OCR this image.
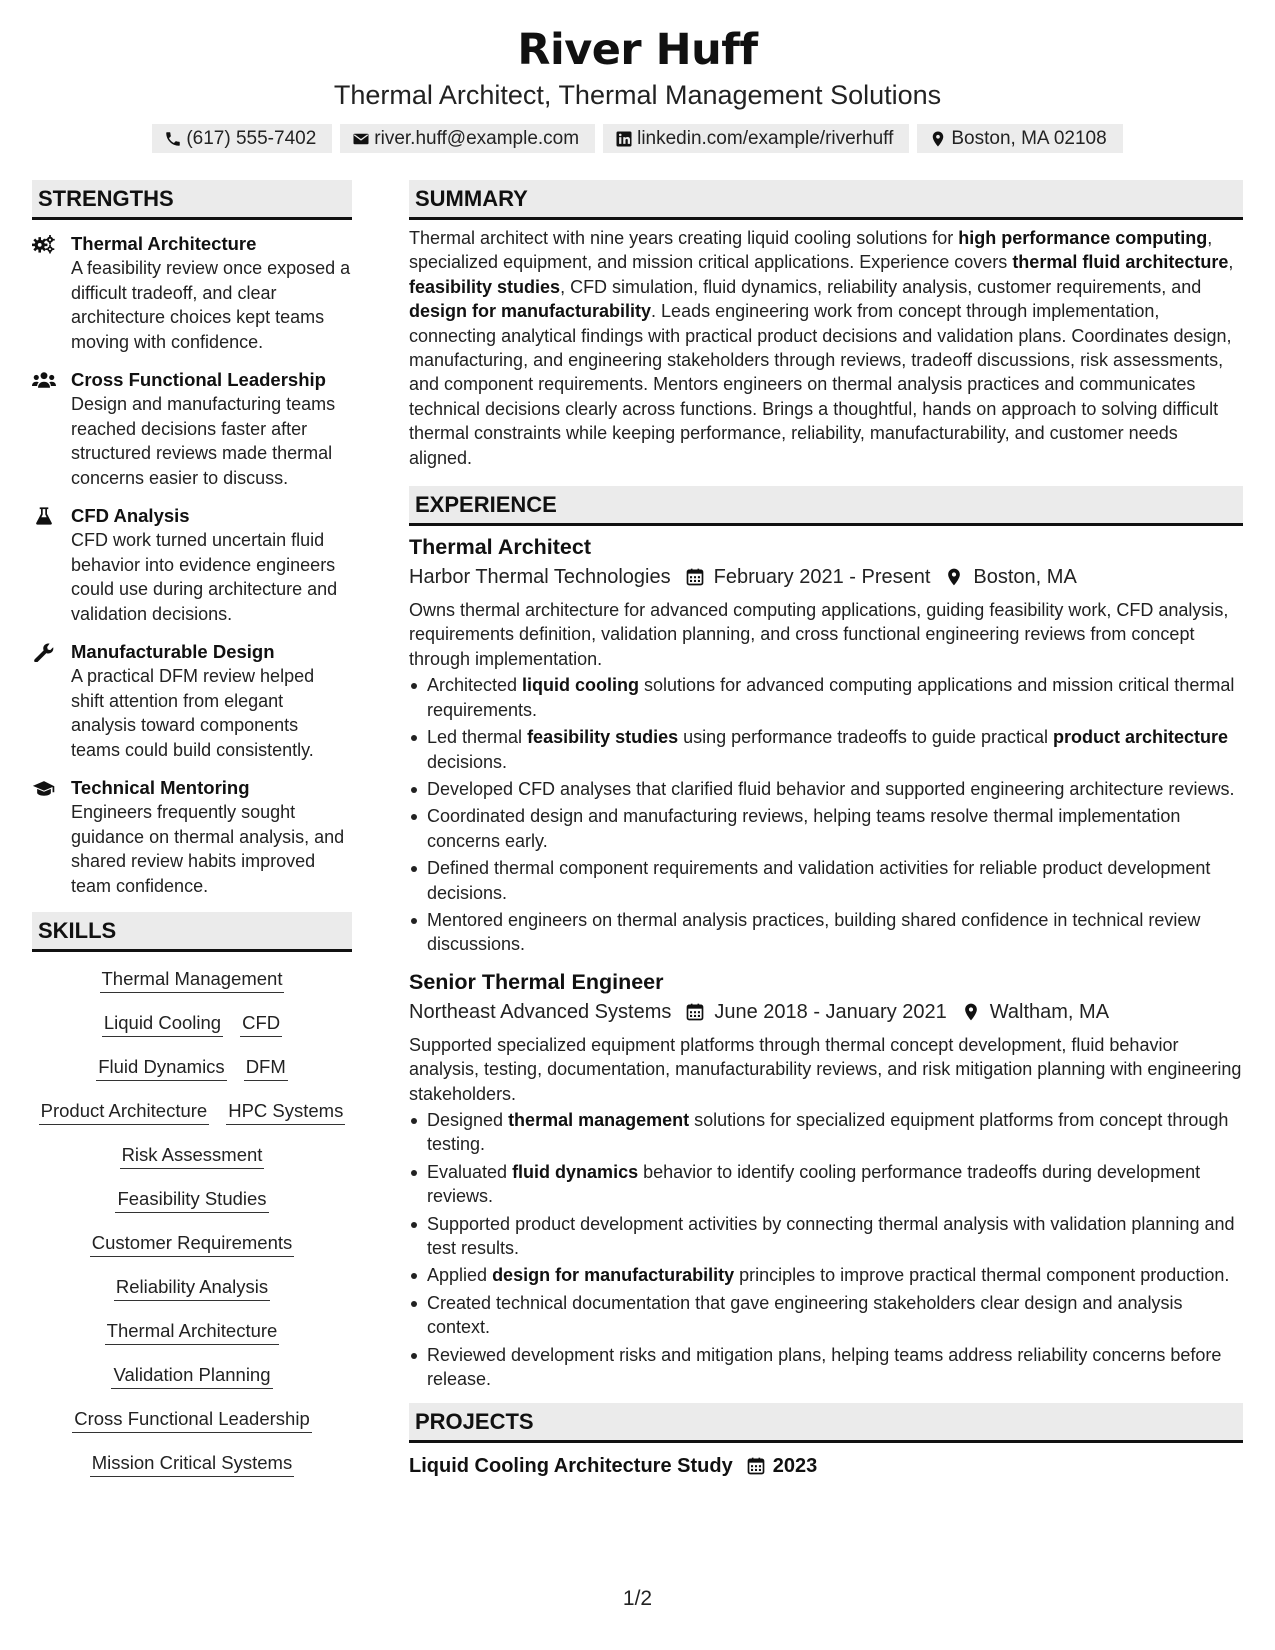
River Huff
Thermal Architect, Thermal Management Solutions
(617) 555-7402	river.huff@example.com	linkedin.com/example/riverhuff	Boston, MA 02108
STRENGTHS
Thermal Architecture
A feasibility review once exposed a difficult tradeoff, and clear architecture choices kept teams moving with confidence.
Cross Functional Leadership
Design and manufacturing teams reached decisions faster after structured reviews made thermal concerns easier to discuss.
CFD Analysis
CFD work turned uncertain fluid behavior into evidence engineers could use during architecture and validation decisions.
Manufacturable Design
A practical DFM review helped shift attention from elegant analysis toward components teams could build consistently.
Technical Mentoring
Engineers frequently sought guidance on thermal analysis, and shared review habits improved team confidence.
SKILLS
Thermal Management
Liquid Cooling CFD
Fluid Dynamics DFM
Product Architecture HPC Systems
Risk Assessment
Feasibility Studies
Customer Requirements
Reliability Analysis
Thermal Architecture
Validation Planning
Cross Functional Leadership
Mission Critical Systems
SUMMARY
Thermal architect with nine years creating liquid cooling solutions for high performance computing, specialized equipment, and mission critical applications. Experience covers thermal fluid architecture, feasibility studies, CFD simulation, fluid dynamics, reliability analysis, customer requirements, and design for manufacturability. Leads engineering work from concept through implementation, connecting analytical findings with practical product decisions and validation plans. Coordinates design, manufacturing, and engineering stakeholders through reviews, tradeoff discussions, risk assessments, and component requirements. Mentors engineers on thermal analysis practices and communicates technical decisions clearly across functions. Brings a thoughtful, hands on approach to solving difficult thermal constraints while keeping performance, reliability, manufacturability, and customer needs aligned.
EXPERIENCE
Thermal Architect
Harbor Thermal Technologies February 2021 - Present Boston, MA
Owns thermal architecture for advanced computing applications, guiding feasibility work, CFD analysis, requirements definition, validation planning, and cross functional engineering reviews from concept through implementation.
Architected liquid cooling solutions for advanced computing applications and mission critical thermal requirements.
Led thermal feasibility studies using performance tradeoffs to guide practical product architecture decisions.
Developed CFD analyses that clarified fluid behavior and supported engineering architecture reviews.
Coordinated design and manufacturing reviews, helping teams resolve thermal implementation concerns early.
Defined thermal component requirements and validation activities for reliable product development decisions.
Mentored engineers on thermal analysis practices, building shared confidence in technical review discussions.
Senior Thermal Engineer
Northeast Advanced Systems June 2018 - January 2021 Waltham, MA
Supported specialized equipment platforms through thermal concept development, fluid behavior analysis, testing, documentation, manufacturability reviews, and risk mitigation planning with engineering stakeholders.
Designed thermal management solutions for specialized equipment platforms from concept through testing.
Evaluated fluid dynamics behavior to identify cooling performance tradeoffs during development reviews.
Supported product development activities by connecting thermal analysis with validation planning and test results.
Applied design for manufacturability principles to improve practical thermal component production.
Created technical documentation that gave engineering stakeholders clear design and analysis context.
Reviewed development risks and mitigation plans, helping teams address reliability concerns before release.
PROJECTS
Liquid Cooling Architecture Study 2023
1/2
